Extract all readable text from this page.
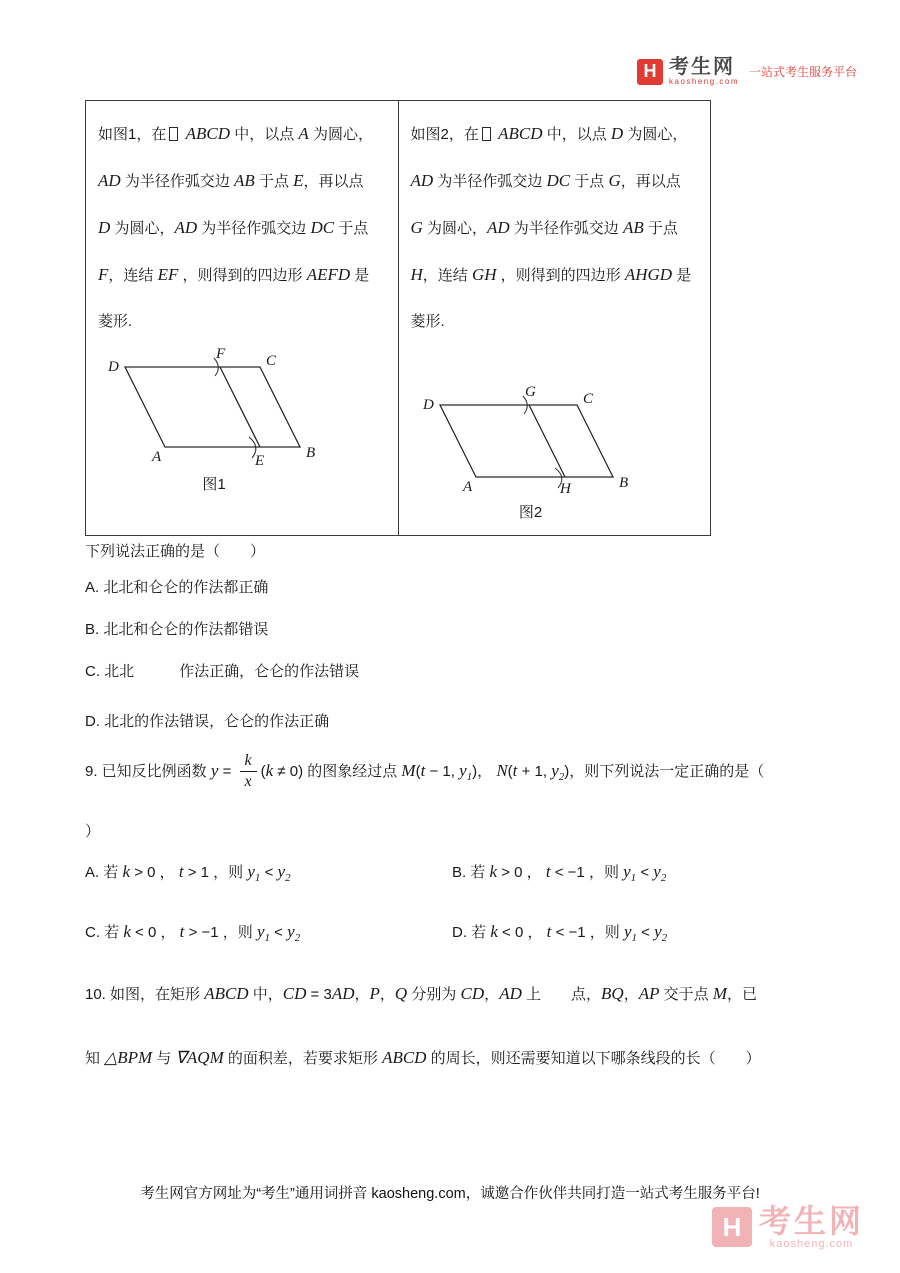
H 考生网
kaosheng.com
一站式考生服务平台
如图1，在 ABCD 中，以点 A 为圆心，
AD 为半径作弧交边 AB 于点 E，再以点
D 为圆心，AD 为半径作弧交边 DC 于点
F，连结 EF ，则得到的四边形 AEFD 是
菱形.
D
F	C
A	E	B
图1
如图2，在 ABCD 中，以点 D 为圆心，
AD 为半径作弧交边 DC 于点 G，再以点
G 为圆心，AD 为半径作弧交边 AB 于点
H，连结 GH ，则得到的四边形 AHGD 是
菱形.
D
G	C
A	H	B
图2
下列说法正确的是（　　）
A. 北北和仑仑的作法都正确
B. 北北和仑仑的作法都错误
C. 北北　　　作法正确，仑仑的作法错误
D. 北北的作法错误，仑仑的作法正确
9. 已知反比例函数 $y = \frac{k}{x} (k \ne 0)$ 的图象经过点 M(t − 1, $y_1$)， N(t + 1, $y_2$)，则下列说法一定正确的是（
）
A. 若 k > 0 ， t > 1 ，则 $y_1 < y_2$	B. 若 k > 0 ， t < −1 ，则 $y_1 < y_2$
C. 若 k < 0 ， t > −1 ，则 $y_1 < y_2$	D. 若 k < 0 ， t < −1 ，则 $y_1 < y_2$
10. 如图，在矩形 ABCD 中，CD = 3AD，P，Q 分别为 CD，AD 上　　点，BQ，AP 交于点 M，已
知 △BPM 与 ∇AQM 的面积差，若要求矩形 ABCD 的周长，则还需要知道以下哪条线段的长（　　）
考生网官方网址为“考生”通用词拼音 kaosheng.com，诚邀合作伙伴共同打造一站式考生服务平台!
H 考生网
kaosheng.com
